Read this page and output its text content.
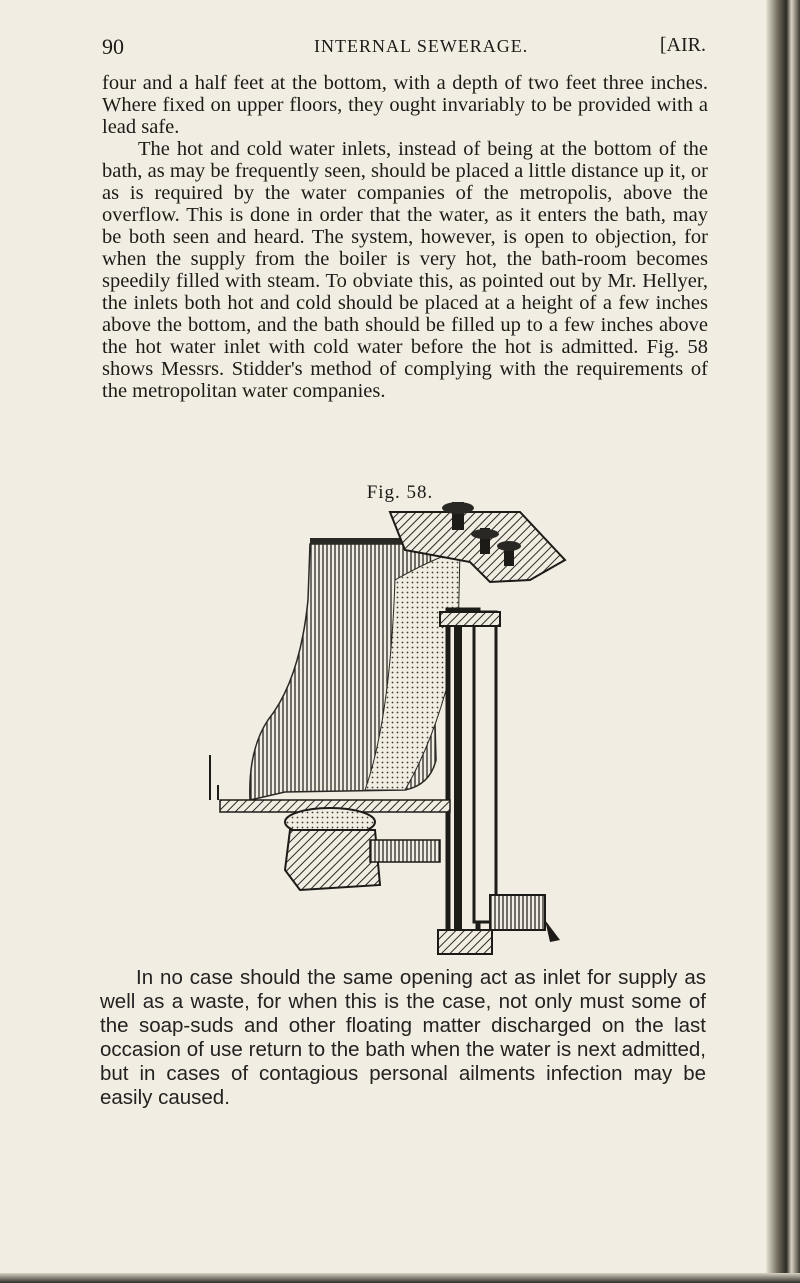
90	INTERNAL SEWERAGE.	[AIR.

four and a half feet at the bottom, with a depth of two feet three inches. Where fixed on upper floors, they ought invariably to be provided with a lead safe.

The hot and cold water inlets, instead of being at the bottom of the bath, as may be frequently seen, should be placed a little distance up it, or as is required by the water companies of the metropolis, above the overflow. This is done in order that the water, as it enters the bath, may be both seen and heard. The system, however, is open to objection, for when the supply from the boiler is very hot, the bath-room becomes speedily filled with steam. To obviate this, as pointed out by Mr. Hellyer, the inlets both hot and cold should be placed at a height of a few inches above the bottom, and the bath should be filled up to a few inches above the hot water inlet with cold water before the hot is admitted. Fig. 58 shows Messrs. Stidder's method of complying with the requirements of the metropolitan water companies.

Fig. 58.

In no case should the same opening act as inlet for supply as well as a waste, for when this is the case, not only must some of the soap-suds and other floating matter discharged on the last occasion of use return to the bath when the water is next admitted, but in cases of contagious personal ailments infection may be easily caused.
